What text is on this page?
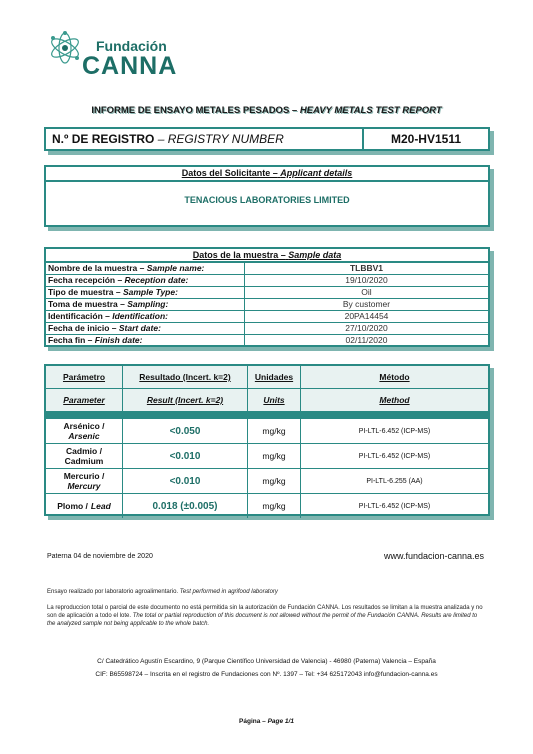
Fundación
CANNA
INFORME DE ENSAYO METALES PESADOS – HEAVY METALS TEST REPORT
N.º DE REGISTRO – REGISTRY NUMBER	M20-HV1511
Datos del Solicitante – Applicant details
TENACIOUS LABORATORIES LIMITED
Datos de la muestra – Sample data
Nombre de la muestra – Sample name:	TLBBV1
Fecha recepción – Reception date:	19/10/2020
Tipo de muestra – Sample Type:	Oil
Toma de muestra – Sampling:	By customer
Identificación – Identification:	20PA14454
Fecha de inicio – Start date:	27/10/2020
Fecha fin – Finish date:	02/11/2020
Parámetro	Resultado (Incert. k=2)	Unidades	Método
Parameter	Result (Incert. k=2)	Units	Method
Arsénico /
Arsenic	<0.050	mg/kg	PI-LTL-6.452 (ICP-MS)
Cadmio /
Cadmium	<0.010	mg/kg	PI-LTL-6.452 (ICP-MS)
Mercurio /
Mercury	<0.010	mg/kg	PI-LTL-6.255 (AA)
Plomo / Lead	0.018 (±0.005)	mg/kg	PI-LTL-6.452 (ICP-MS)
Paterna 04 de noviembre de 2020	www.fundacion-canna.es
Ensayo realizado por laboratorio agroalimentario. Test performed in agrifood laboratory
La reproduccion total o parcial de este documento no está permitida sin la autorización de Fundación CANNA. Los resultados se limitan a la muestra analizada y no son de aplicación a todo el lote. The total or partial reproduction of this document is not allowed without the permit of the Fundación CANNA. Results are limited to the analyzed sample not being applicable to the whole batch.
C/ Catedrático Agustín Escardino, 9 (Parque Científico Universidad de Valencia) - 46980 (Paterna) Valencia – España
CIF: B65598724 – Inscrita en el registro de Fundaciones con Nº. 1397 – Tel: +34 625172043 info@fundacion-canna.es
Página – Page 1/1
